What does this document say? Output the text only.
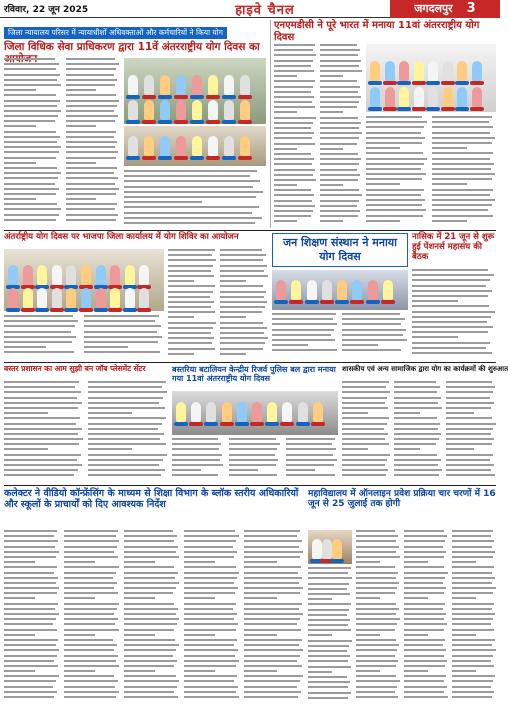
रविवार, 22 जून 2025	हाइवे चैनल	जगदलपुर 3
जिला न्यायालय परिसर में न्यायाधीशों अधिवक्ताओं और कर्मचारियों ने किया योग
जिला विधिक सेवा प्राधिकरण द्वारा 11वें अंतरराष्ट्रीय योग दिवस का
एनएमडीसी ने पूरे भारत में मनाया 11वां अंतरराष्ट्रीय योग दिवस
अंतर्राष्ट्रीय योग दिवस पर भाजपा जिला कार्यालय में योग शिविर का आयोजन	जन शिक्षण संस्थान ने मनाया योग दिवस
नासिक में 21 जून से शुरू हुई पेंशनर्स महासंघ की बैठक
बस्तर प्रशासन का आम सुझी बन जॉब प्लेसमेंट सेंटर	बस्तरिया बटालियन केन्द्रीय रिजर्व पुलिस बल द्वारा मनाया गया 11वां अंतरराष्ट्रीय योग दिवस
शासकीय एवं अन्य सामाजिक द्वारा योग का कार्यक्रमों की शुरुआत
कलेक्टर ने वीडियो कॉन्फ्रेंसिंग के माध्यम से शिक्षा विभाग के ब्लॉक स्तरीय अधिकारियों और स्कूलों के प्राचार्यों को दिए आवश्यक निर्देश
महाविद्यालय में ऑनलाइन प्रवेश प्रक्रिया चार चरणों में 16 जून से 25 जुलाई तक होगी
